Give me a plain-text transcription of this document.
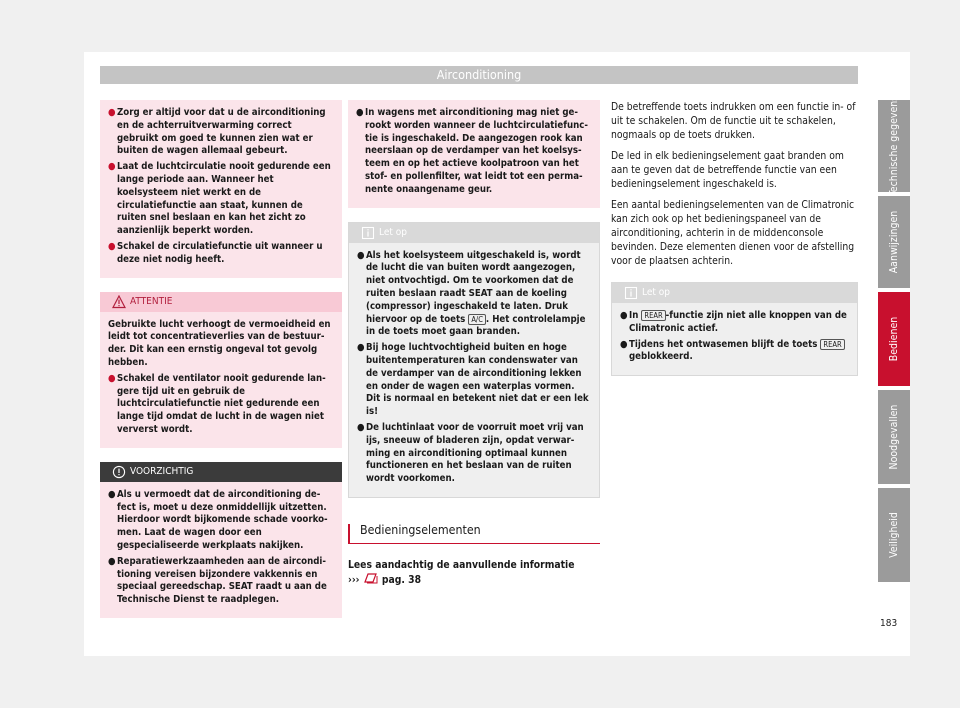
Airconditioning
● Zorg er altijd voor dat u de airconditioning en de achterruitverwarming correct gebruikt om goed te kunnen zien wat er buiten de wagen allemaal gebeurt.
● Laat de luchtcirculatie nooit gedurende een lange periode aan. Wanneer het koelsysteem niet werkt en de circulatiefunctie aan staat, kunnen de ruiten snel beslaan en kan het zicht zo aanzienlijk beperkt worden.
● Schakel de circulatiefunctie uit wanneer u deze niet nodig heeft.
ATTENTIE
Gebruikte lucht verhoogt de vermoeidheid en leidt tot concentratieverlies van de bestuurder. Dit kan een ernstig ongeval tot gevolg hebben.
● Schakel de ventilator nooit gedurende langere tijd uit en gebruik de luchtcirculatiefunctie niet gedurende een lange tijd omdat de lucht in de wagen niet ververst wordt.
VOORZICHTIG
● Als u vermoedt dat de airconditioning defect is, moet u deze onmiddellijk uitzetten. Hierdoor wordt bijkomende schade voorkomen. Laat de wagen door een gespecialiseerde werkplaats nakijken.
● Reparatiewerkzaamheden aan de airconditioning vereisen bijzondere vakkennis en speciaal gereedschap. SEAT raadt u aan de Technische Dienst te raadplegen.
● In wagens met airconditioning mag niet gerookt worden wanneer de luchtcirculatiefunctie is ingeschakeld. De aangezogen rook kan neerslaan op de verdamper van het koelsysteem en op het actieve koolpatroon van het stof- en pollenfilter, wat leidt tot een permanente onaangename geur.
Let op
● Als het koelsysteem uitgeschakeld is, wordt de lucht die van buiten wordt aangezogen, niet ontvochtigd. Om te voorkomen dat de ruiten beslaan raadt SEAT aan de koeling (compressor) ingeschakeld te laten. Druk hiervoor op de toets A/C . Het controlelampje in de toets moet gaan branden.
● Bij hoge luchtvochtigheid buiten en hoge buitentemperaturen kan condenswater van de verdamper van de airconditioning lekken en onder de wagen een waterplas vormen. Dit is normaal en betekent niet dat er een lek is!
● De luchtinlaat voor de voorruit moet vrij van ijs, sneeuw of bladeren zijn, opdat verwarming en airconditioning optimaal kunnen functioneren en het beslaan van de ruiten wordt voorkomen.
Bedieningselementen
Lees aandachtig de aanvullende informatie
››› pag. 38

De betreffende toets indrukken om een functie in- of uit te schakelen. Om de functie uit te schakelen, nogmaals op de toets drukken.

De led in elk bedieningselement gaat branden om aan te geven dat de betreffende functie van een bedieningselement ingeschakeld is.

Een aantal bedieningselementen van de Climatronic kan zich ook op het bedieningspaneel van de airconditioning, achterin in de middenconsole bevinden. Deze elementen dienen voor de afstelling voor de plaatsen achterin.

Let op
● In REAR -functie zijn niet alle knoppen van de Climatronic actief.
● Tijdens het ontwasemen blijft de toets REAR geblokkeerd.
Technische gegevens
Aanwijzingen
Bedienen
Noodgevallen
Veiligheid
183
